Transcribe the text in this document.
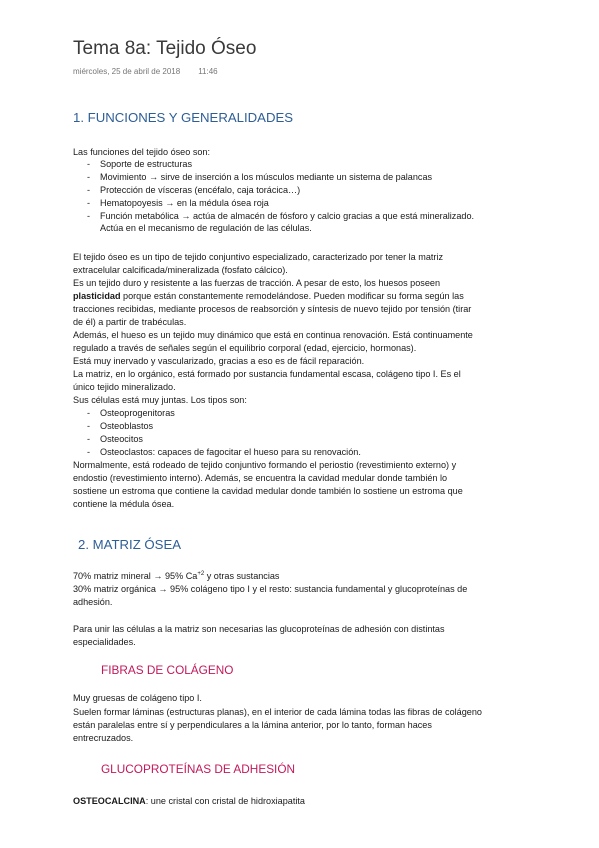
Tema 8a: Tejido Óseo
miércoles, 25 de abril de 2018 11:46
1. FUNCIONES Y GENERALIDADES

Las funciones del tejido óseo son:

- Soporte de estructuras

- Movimiento → sirve de inserción a los músculos mediante un sistema de palancas

- Protección de vísceras (encéfalo, caja torácica…)

- Hematopoyesis → en la médula ósea roja

- Función metabólica → actúa de almacén de fósforo y calcio gracias a que está mineralizado.

Actúa en el mecanismo de regulación de las células.

El tejido óseo es un tipo de tejido conjuntivo especializado, caracterizado por tener la matriz

extracelular calcificada/mineralizada (fosfato cálcico).

Es un tejido duro y resistente a las fuerzas de tracción. A pesar de esto, los huesos poseen

plasticidad porque están constantemente remodelándose. Pueden modificar su forma según las

tracciones recibidas, mediante procesos de reabsorción y síntesis de nuevo tejido por tensión (tirar

de él) a partir de trabéculas.

Además, el hueso es un tejido muy dinámico que está en continua renovación. Está continuamente

regulado a través de señales según el equilibrio corporal (edad, ejercicio, hormonas).

Está muy inervado y vascularizado, gracias a eso es de fácil reparación.

La matriz, en lo orgánico, está formado por sustancia fundamental escasa, colágeno tipo I. Es el

único tejido mineralizado.

Sus células está muy juntas. Los tipos son:

- Osteoprogenitoras

- Osteoblastos

- Osteocitos

- Osteoclastos: capaces de fagocitar el hueso para su renovación.

Normalmente, está rodeado de tejido conjuntivo formando el periostio (revestimiento externo) y

endostio (revestimiento interno). Además, se encuentra la cavidad medular donde también lo

sostiene un estroma que contiene la cavidad medular donde también lo sostiene un estroma que

contiene la médula ósea.

2. MATRIZ ÓSEA

70% matriz mineral → 95% $Ca^{+2}$ y otras sustancias

30% matriz orgánica → 95% colágeno tipo I y el resto: sustancia fundamental y glucoproteínas de

adhesión.

Para unir las células a la matriz son necesarias las glucoproteínas de adhesión con distintas

especialidades.

FIBRAS DE COLÁGENO

Muy gruesas de colágeno tipo I.

Suelen formar láminas (estructuras planas), en el interior de cada lámina todas las fibras de colágeno

están paralelas entre sí y perpendiculares a la lámina anterior, por lo tanto, forman haces

entrecruzados.

GLUCOPROTEÍNAS DE ADHESIÓN

OSTEOCALCINA: une cristal con cristal de hidroxiapatita
